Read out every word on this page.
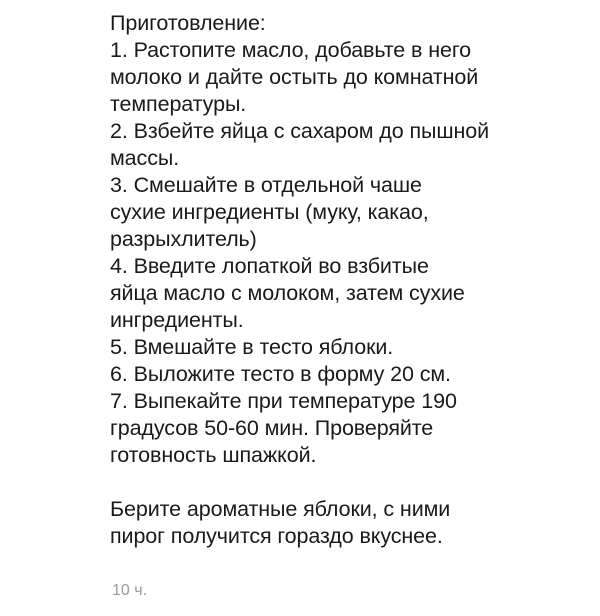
Приготовление:
1. Растопите масло, добавьте в него
молоко и дайте остыть до комнатной
температуры.
2. Взбейте яйца с сахаром до пышной
массы.
3. Смешайте в отдельной чаше
сухие ингредиенты (муку, какао,
разрыхлитель)
4. Введите лопаткой во взбитые
яйца масло с молоком, затем сухие
ингредиенты.
5. Вмешайте в тесто яблоки.
6. Выложите тесто в форму 20 см.
7. Выпекайте при температуре 190
градусов 50-60 мин. Проверяйте
готовность шпажкой.
Берите ароматные яблоки, с ними
пирог получится гораздо вкуснее.
10 ч.
